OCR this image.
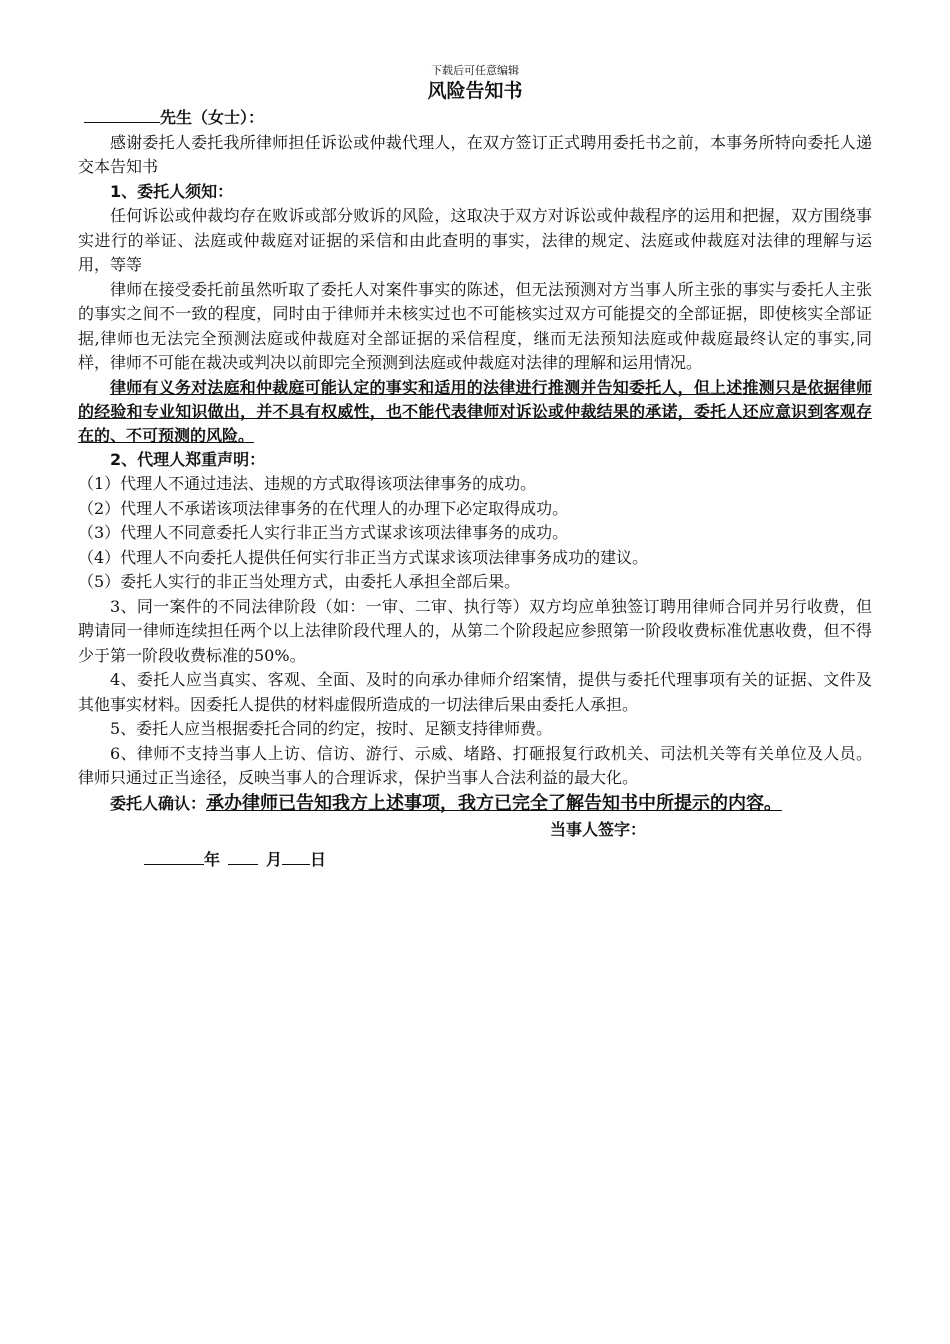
下载后可任意编辑
风险告知书

先生（女士）：

感谢委托人委托我所律师担任诉讼或仲裁代理人，在双方签订正式聘用委托书之前，本事务所特向委托人递交本告知书

1、委托人须知：

任何诉讼或仲裁均存在败诉或部分败诉的风险，这取决于双方对诉讼或仲裁程序的运用和把握，双方围绕事实进行的举证、法庭或仲裁庭对证据的采信和由此查明的事实，法律的规定、法庭或仲裁庭对法律的理解与运用，等等

律师在接受委托前虽然听取了委托人对案件事实的陈述，但无法预测对方当事人所主张的事实与委托人主张的事实之间不一致的程度，同时由于律师并未核实过也不可能核实过双方可能提交的全部证据，即使核实全部证据,律师也无法完全预测法庭或仲裁庭对全部证据的采信程度，继而无法预知法庭或仲裁庭最终认定的事实,同样，律师不可能在裁决或判决以前即完全预测到法庭或仲裁庭对法律的理解和运用情况。

律师有义务对法庭和仲裁庭可能认定的事实和适用的法律进行推测并告知委托人，但上述推测只是依据律师的经验和专业知识做出，并不具有权威性，也不能代表律师对诉讼或仲裁结果的承诺，委托人还应意识到客观存在的、不可预测的风险。

2、代理人郑重声明：

（1）代理人不通过违法、违规的方式取得该项法律事务的成功。

（2）代理人不承诺该项法律事务的在代理人的办理下必定取得成功。

（3）代理人不同意委托人实行非正当方式谋求该项法律事务的成功。

（4）代理人不向委托人提供任何实行非正当方式谋求该项法律事务成功的建议。

（5）委托人实行的非正当处理方式，由委托人承担全部后果。

3、同一案件的不同法律阶段（如：一审、二审、执行等）双方均应单独签订聘用律师合同并另行收费，但聘请同一律师连续担任两个以上法律阶段代理人的，从第二个阶段起应参照第一阶段收费标准优惠收费，但不得少于第一阶段收费标准的50%。

4、委托人应当真实、客观、全面、及时的向承办律师介绍案情，提供与委托代理事项有关的证据、文件及其他事实材料。因委托人提供的材料虚假所造成的一切法律后果由委托人承担。

5、委托人应当根据委托合同的约定，按时、足额支持律师费。

6、律师不支持当事人上访、信访、游行、示威、堵路、打砸报复行政机关、司法机关等有关单位及人员。律师只通过正当途径，反映当事人的合理诉求，保护当事人合法利益的最大化。

委托人确认：承办律师已告知我方上述事项，我方已完全了解告知书中所提示的内容。

当事人签字：

年	月 日
